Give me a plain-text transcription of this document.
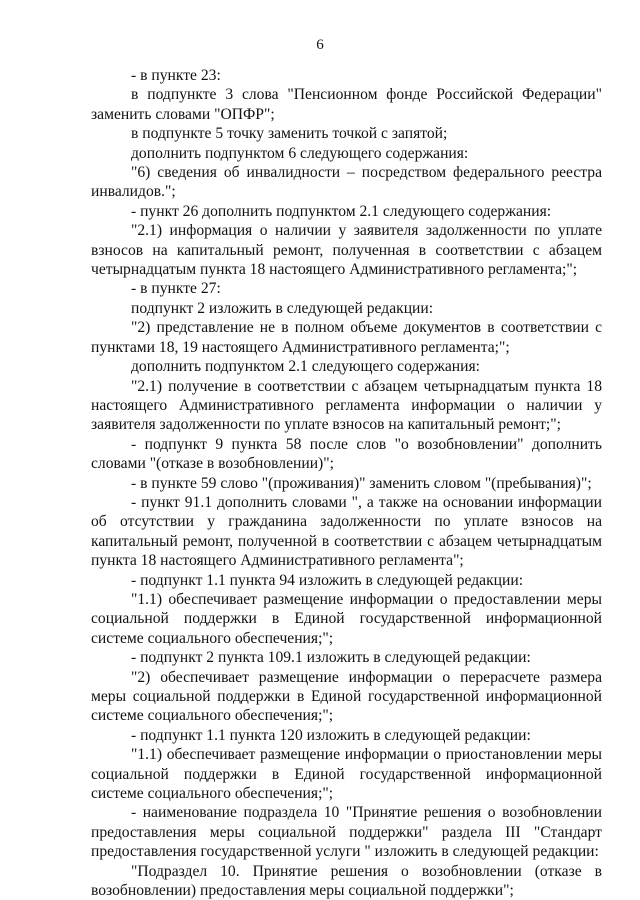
6

- в пункте 23:

в подпункте 3 слова "Пенсионном фонде Российской Федерации" заменить словами "ОПФР";

в подпункте 5 точку заменить точкой с запятой;

дополнить подпунктом 6 следующего содержания:

"6) сведения об инвалидности – посредством федерального реестра инвалидов.";

- пункт 26 дополнить подпунктом 2.1 следующего содержания:

"2.1) информация о наличии у заявителя задолженности по уплате взносов на капитальный ремонт, полученная в соответствии с абзацем четырнадцатым пункта 18 настоящего Административного регламента;";

- в пункте 27:

подпункт 2 изложить в следующей редакции:

"2) представление не в полном объеме документов в соответствии с пунктами 18, 19 настоящего Административного регламента;";

дополнить подпунктом 2.1 следующего содержания:

"2.1) получение в соответствии с абзацем четырнадцатым пункта 18 настоящего Административного регламента информации о наличии у заявителя задолженности по уплате взносов на капитальный ремонт;";

- подпункт 9 пункта 58 после слов "о возобновлении" дополнить словами "(отказе в возобновлении)";

- в пункте 59 слово "(проживания)" заменить словом "(пребывания)";

- пункт 91.1 дополнить словами ", а также на основании информации об отсутствии у гражданина задолженности по уплате взносов на капитальный ремонт, полученной в соответствии с абзацем четырнадцатым пункта 18 настоящего Административного регламента";

- подпункт 1.1 пункта 94 изложить в следующей редакции:

"1.1) обеспечивает размещение информации о предоставлении меры социальной поддержки в Единой государственной информационной системе социального обеспечения;";

- подпункт 2 пункта 109.1 изложить в следующей редакции:

"2) обеспечивает размещение информации о перерасчете размера меры социальной поддержки в Единой государственной информационной системе социального обеспечения;";

- подпункт 1.1 пункта 120 изложить в следующей редакции:

"1.1) обеспечивает размещение информации о приостановлении меры социальной поддержки в Единой государственной информационной системе социального обеспечения;";

- наименование подраздела 10 "Принятие решения о возобновлении предоставления меры социальной поддержки" раздела III "Стандарт предоставления государственной услуги " изложить в следующей редакции:

"Подраздел 10. Принятие решения о возобновлении (отказе в возобновлении) предоставления меры социальной поддержки";
